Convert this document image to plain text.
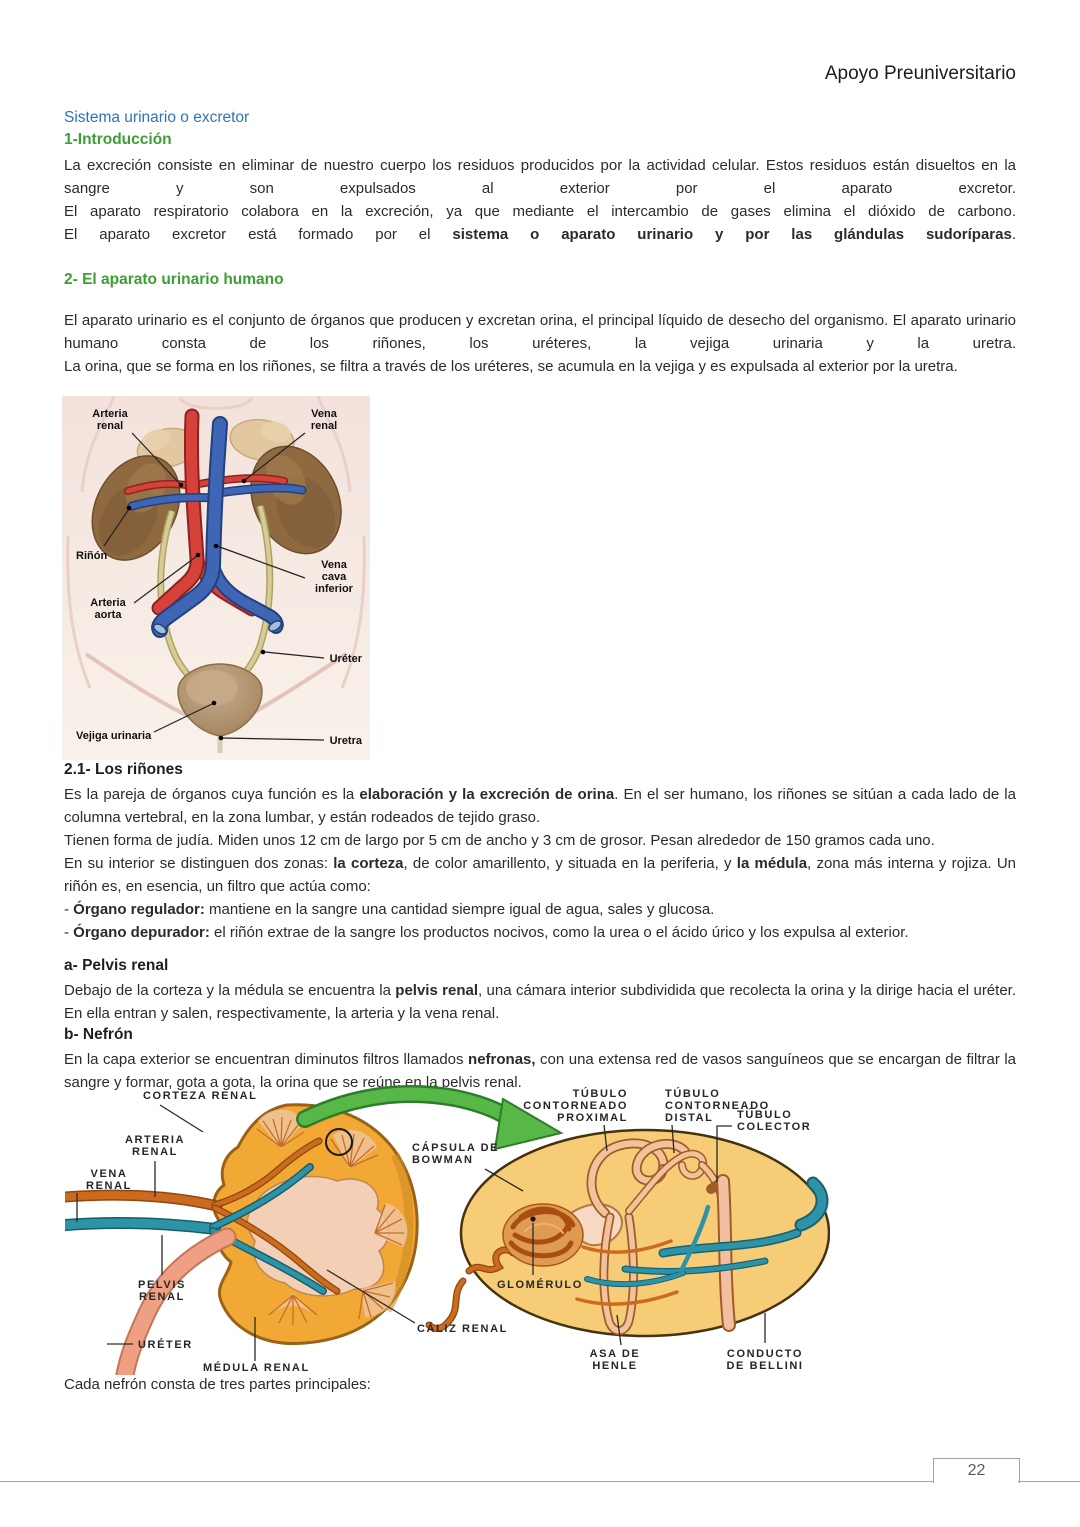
Apoyo Preuniversitario
Sistema urinario o excretor
1-Introducción
La excreción consiste en eliminar de nuestro cuerpo los residuos producidos por la actividad celular. Estos residuos están disueltos en la
sangre y son expulsados al exterior por el aparato excretor.
El aparato respiratorio colabora en la excreción, ya que mediante el intercambio de gases elimina el dióxido de carbono.
El aparato excretor está formado por el sistema o aparato urinario y por las glándulas sudoríparas.
2- El aparato urinario humano
El aparato urinario es el conjunto de órganos que producen y excretan orina, el principal líquido de desecho del organismo. El aparato urinario
humano consta de los riñones, los uréteres, la vejiga urinaria y la uretra.
La orina, que se forma en los riñones, se filtra a través de los uréteres, se acumula en la vejiga y es expulsada al exterior por la uretra.
Arteria
renal
Vena
renal
Riñón
Vena
cava
inferior
Arteria
aorta
Uréter
Vejiga urinaria	Uretra
2.1- Los riñones
Es la pareja de órganos cuya función es la elaboración y la excreción de orina. En el ser humano, los riñones se sitúan a cada lado de la
columna vertebral, en la zona lumbar, y están rodeados de tejido graso.
Tienen forma de judía. Miden unos 12 cm de largo por 5 cm de ancho y 3 cm de grosor. Pesan alrededor de 150 gramos cada uno.
En su interior se distinguen dos zonas: la corteza, de color amarillento, y situada en la periferia, y la médula, zona más interna y rojiza. Un
riñón es, en esencia, un filtro que actúa como:
- Órgano regulador: mantiene en la sangre una cantidad siempre igual de agua, sales y glucosa.
- Órgano depurador: el riñón extrae de la sangre los productos nocivos, como la urea o el ácido úrico y los expulsa al exterior.
a- Pelvis renal
Debajo de la corteza y la médula se encuentra la pelvis renal, una cámara interior subdividida que recolecta la orina y la dirige hacia el uréter.
En ella entran y salen, respectivamente, la arteria y la vena renal.
b- Nefrón
En la capa exterior se encuentran diminutos filtros llamados nefronas, con una extensa red de vasos sanguíneos que se encargan de filtrar la
sangre y formar, gota a gota, la orina que se reúne en la pelvis renal.
CORTEZA RENAL
ARTERIA
RENAL
VENA
RENAL
PELVIS
RENAL
URÉTER
MÉDULA RENAL
CÁLIZ RENAL
CÁPSULA DE
BOWMAN
TÚBULO
CONTORNEADO
PROXIMAL
TÚBULO
CONTORNEADO
DISTAL TÚBULO
COLECTOR
GLOMÉRULO
ASA DE
HENLE
CONDUCTO
DE BELLINI
Cada nefrón consta de tres partes principales:
22
